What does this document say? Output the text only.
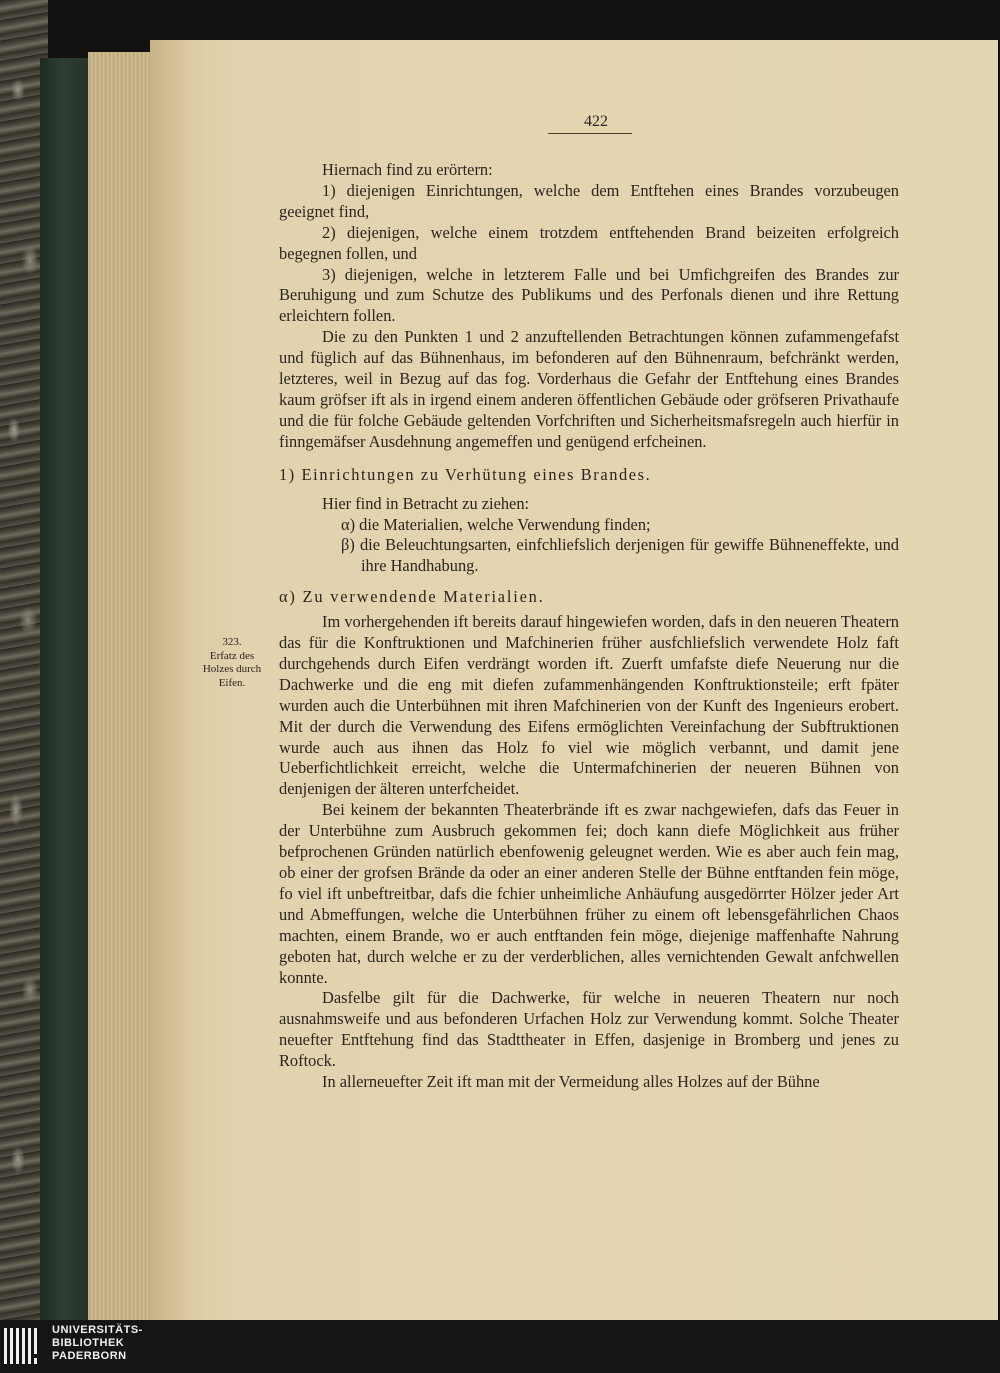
422
323.
Erfatz des
Holzes durch
Eifen.

Hiernach find zu erörtern:

1) diejenigen Einrichtungen, welche dem Entftehen eines Brandes vorzubeugen geeignet find,

2) diejenigen, welche einem trotzdem entftehenden Brand beizeiten erfolgreich begegnen follen, und

3) diejenigen, welche in letzterem Falle und bei Umfichgreifen des Brandes zur Beruhigung und zum Schutze des Publikums und des Perfonals dienen und ihre Rettung erleichtern follen.

Die zu den Punkten 1 und 2 anzuftellenden Betrachtungen können zufammengefafst und füglich auf das Bühnenhaus, im befonderen auf den Bühnenraum, befchränkt werden, letzteres, weil in Bezug auf das fog. Vorderhaus die Gefahr der Entftehung eines Brandes kaum gröfser ift als in irgend einem anderen öffentlichen Gebäude oder gröfseren Privathaufe und die für folche Gebäude geltenden Vorfchriften und Sicherheitsmafsregeln auch hierfür in finngemäfser Ausdehnung angemeffen und genügend erfcheinen.

1) Einrichtungen zu Verhütung eines Brandes.

Hier find in Betracht zu ziehen:

α) die Materialien, welche Verwendung finden;

β) die Beleuchtungsarten, einfchliefslich derjenigen für gewiffe Bühneneffekte, und ihre Handhabung.

α) Zu verwendende Materialien.

Im vorhergehenden ift bereits darauf hingewiefen worden, dafs in den neueren Theatern das für die Konftruktionen und Mafchinerien früher ausfchliefslich verwendete Holz faft durchgehends durch Eifen verdrängt worden ift. Zuerft umfafste diefe Neuerung nur die Dachwerke und die eng mit diefen zufammenhängenden Konftruktionsteile; erft fpäter wurden auch die Unterbühnen mit ihren Mafchinerien von der Kunft des Ingenieurs erobert. Mit der durch die Verwendung des Eifens ermöglichten Vereinfachung der Subftruktionen wurde auch aus ihnen das Holz fo viel wie möglich verbannt, und damit jene Ueberfichtlichkeit erreicht, welche die Untermafchinerien der neueren Bühnen von denjenigen der älteren unterfcheidet.

Bei keinem der bekannten Theaterbrände ift es zwar nachgewiefen, dafs das Feuer in der Unterbühne zum Ausbruch gekommen fei; doch kann diefe Möglichkeit aus früher befprochenen Gründen natürlich ebenfowenig geleugnet werden. Wie es aber auch fein mag, ob einer der grofsen Brände da oder an einer anderen Stelle der Bühne entftanden fein möge, fo viel ift unbeftreitbar, dafs die fchier unheimliche Anhäufung ausgedörrter Hölzer jeder Art und Abmeffungen, welche die Unterbühnen früher zu einem oft lebensgefährlichen Chaos machten, einem Brande, wo er auch entftanden fein möge, diejenige maffenhafte Nahrung geboten hat, durch welche er zu der verderblichen, alles vernichtenden Gewalt anfchwellen konnte.

Dasfelbe gilt für die Dachwerke, für welche in neueren Theatern nur noch ausnahmsweife und aus befonderen Urfachen Holz zur Verwendung kommt. Solche Theater neuefter Entftehung find das Stadttheater in Effen, dasjenige in Bromberg und jenes zu Roftock.

In allerneuefter Zeit ift man mit der Vermeidung alles Holzes auf der Bühne

UNIVERSITÄTS-
BIBLIOTHEK
PADERBORN
